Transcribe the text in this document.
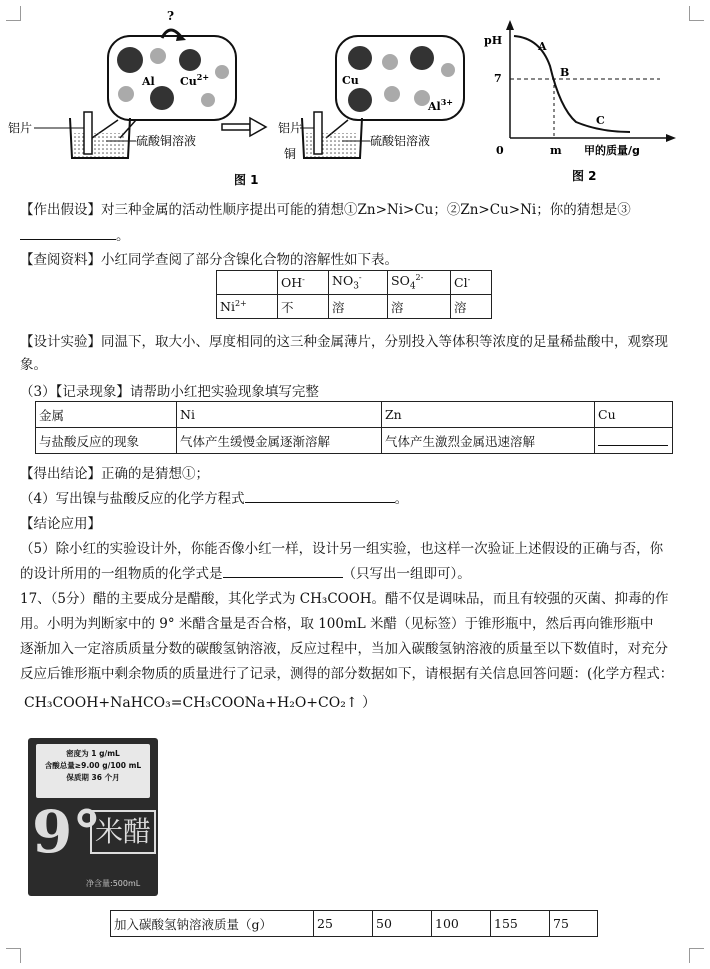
?
Al $Cu^{2+}$
铝片
硫酸铜溶液
Cu
$Al^{3+}$
铝片
铜
硫酸铝溶液
图 1
pH
7
0
A
B
C
m 甲的质量/g
图 2
【作出假设】对三种金属的活动性顺序提出可能的猜想①Zn>Ni>Cu；②Zn>Cu>Ni；你的猜想是③
。
【查阅资料】小红同学查阅了部分含镍化合物的溶解性如下表。
	OH-	$NO_3^-$	$SO_4^{2-}$	Cl-
$Ni^{2+}$	不	溶	溶	溶
【设计实验】同温下，取大小、厚度相同的这三种金属薄片，分别投入等体积等浓度的足量稀盐酸中，观察现
象。
（3）【记录现象】请帮助小红把实验现象填写完整
金属	Ni	Zn	Cu
与盐酸反应的现象	气体产生缓慢金属逐渐溶解	气体产生激烈金属迅速溶解	
【得出结论】正确的是猜想①；
（4）写出镍与盐酸反应的化学方程式	。
【结论应用】
（5）除小红的实验设计外，你能否像小红一样，设计另一组实验，也这样一次验证上述假设的正确与否，你
的设计所用的一组物质的化学式是	（只写出一组即可）。
17、（5分）醋的主要成分是醋酸，其化学式为 CH₃COOH。醋不仅是调味品，而且有较强的灭菌、抑毒的作
用。小明为判断家中的 9° 米醋含量是否合格，取 100mL 米醋（见标签）于锥形瓶中，然后再向锥形瓶中
逐渐加入一定溶质质量分数的碳酸氢钠溶液，反应过程中，当加入碳酸氢钠溶液的质量至以下数值时，对充分
反应后锥形瓶中剩余物质的质量进行了记录，测得的部分数据如下，请根据有关信息回答问题：(化学方程式：
CH₃COOH+NaHCO₃=CH₃COONa+H₂O+CO₂↑ ）
密度为 1 g/mL
含酸总量≥9.00 g/100 mL
保质期 36 个月
9°
米醋
净含量:500mL
加入碳酸氢钠溶液质量（g）	25	50	100	155	75
